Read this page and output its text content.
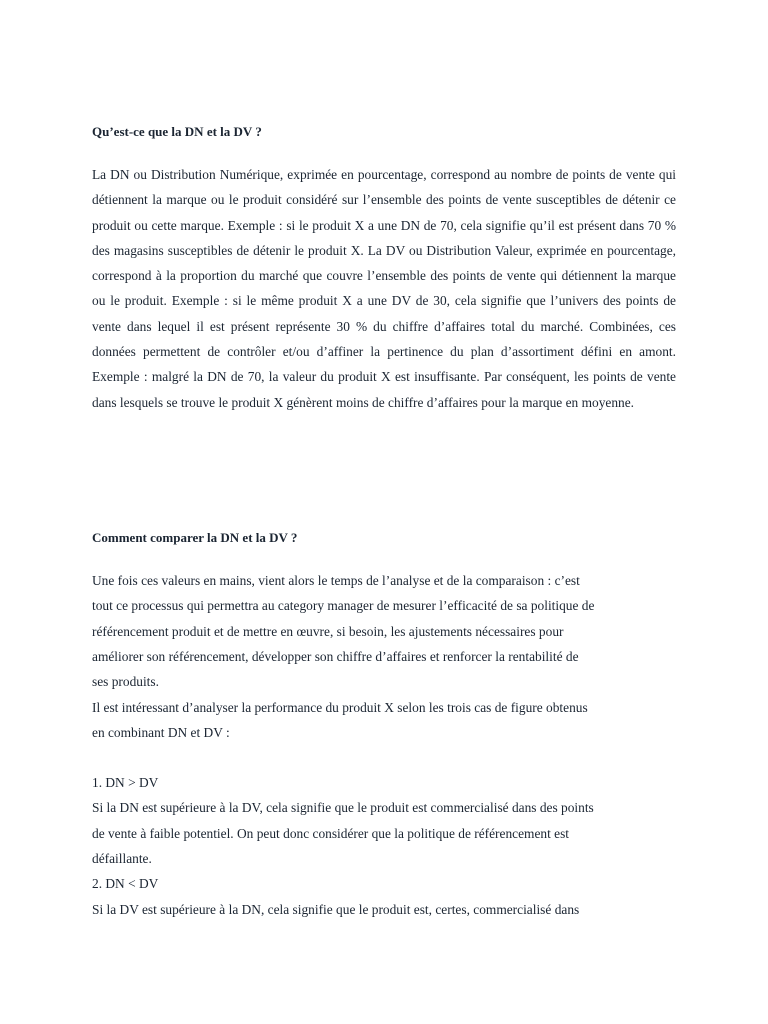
Qu’est-ce que la DN et la DV ?

La DN ou Distribution Numérique, exprimée en pourcentage, correspond au nombre de points de vente qui détiennent la marque ou le produit considéré sur l’ensemble des points de vente susceptibles de détenir ce produit ou cette marque. Exemple : si le produit X a une DN de 70, cela signifie qu’il est présent dans 70 % des magasins susceptibles de détenir le produit X. La DV ou Distribution Valeur, exprimée en pourcentage, correspond à la proportion du marché que couvre l’ensemble des points de vente qui détiennent la marque ou le produit. Exemple : si le même produit X a une DV de 30, cela signifie que l’univers des points de vente dans lequel il est présent représente 30 % du chiffre d’affaires total du marché. Combinées, ces données permettent de contrôler et/ou d’affiner la pertinence du plan d’assortiment défini en amont. Exemple : malgré la DN de 70, la valeur du produit X est insuffisante. Par conséquent, les points de vente dans lesquels se trouve le produit X génèrent moins de chiffre d’affaires pour la marque en moyenne.

Comment comparer la DN et la DV ?
Une fois ces valeurs en mains, vient alors le temps de l’analyse et de la comparaison : c’est
tout ce processus qui permettra au category manager de mesurer l’efficacité de sa politique de
référencement produit et de mettre en œuvre, si besoin, les ajustements nécessaires pour
améliorer son référencement, développer son chiffre d’affaires et renforcer la rentabilité de
ses produits.
Il est intéressant d’analyser la performance du produit X selon les trois cas de figure obtenus
en combinant DN et DV :
1. DN > DV
Si la DN est supérieure à la DV, cela signifie que le produit est commercialisé dans des points
de vente à faible potentiel. On peut donc considérer que la politique de référencement est
défaillante.
2. DN < DV
Si la DV est supérieure à la DN, cela signifie que le produit est, certes, commercialisé dans
